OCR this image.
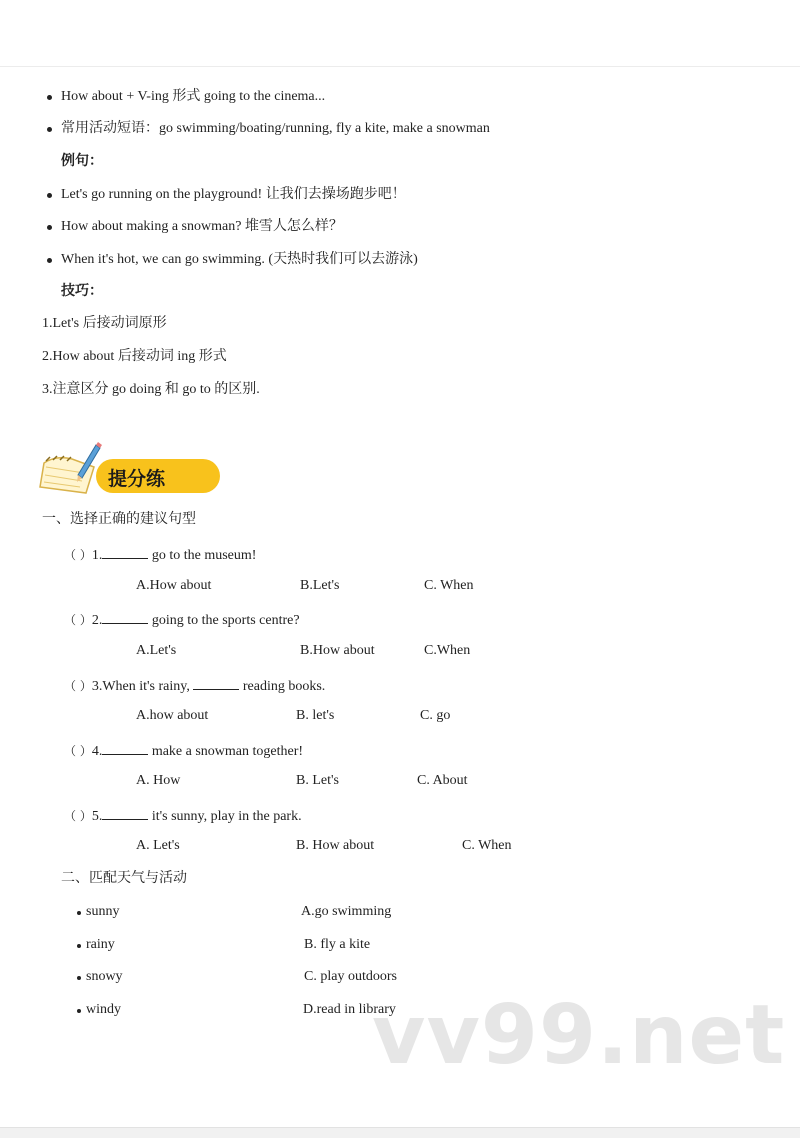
How about + V-ing 形式 going to the cinema...
常用活动短语：go swimming/boating/running, fly a kite, make a snowman
例句：
Let's go running on the playground! 让我们去操场跑步吧！
How about making a snowman? 堆雪人怎么样？
When it's hot, we can go swimming. (天热时我们可以去游泳)
技巧：
1.Let's 后接动词原形
2.How about 后接动词 ing 形式
3.注意区分 go doing 和 go to 的区别.
提分练
一、选择正确的建议句型
（ ）1.	go to the museum!
A.How about	B.Let's	C. When
（ ）2.	going to the sports centre?
A.Let's	B.How about	C.When
（ ）3.When it's rainy,	reading books.
A.how about	B. let's	C. go
（ ）4.	make a snowman together!
A. How	B. Let's	C. About
（ ）5.	it's sunny, play in the park.
A. Let's	B. How about	C. When
二、匹配天气与活动
sunny	A.go swimming
rainy	B. fly a kite
snowy	C. play outdoors
windy	D.read in library
vv99.net
